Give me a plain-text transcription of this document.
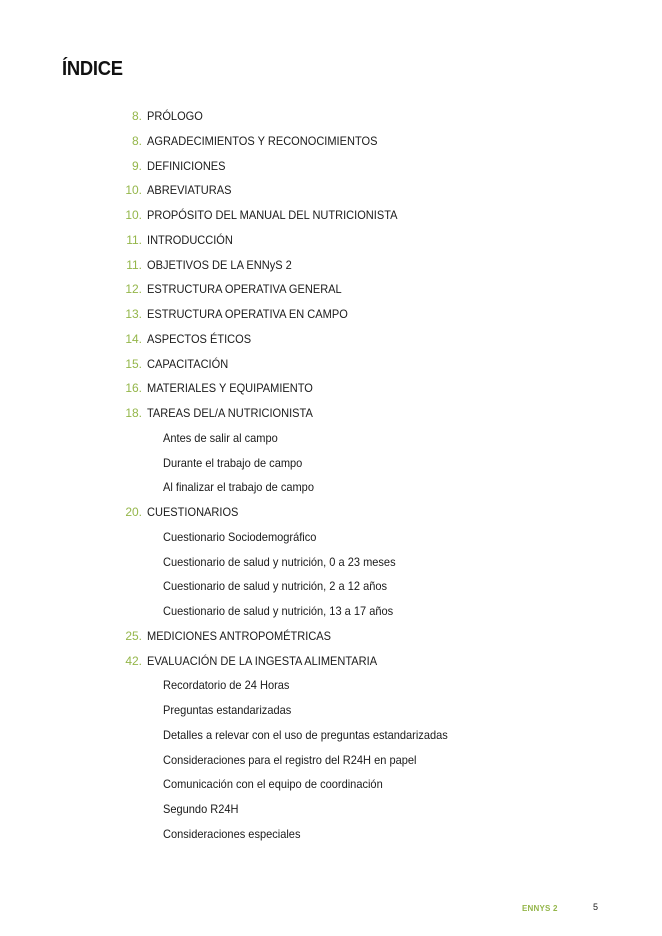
ÍNDICE
8. PRÓLOGO
8. AGRADECIMIENTOS Y RECONOCIMIENTOS
9. DEFINICIONES
10. ABREVIATURAS
10. PROPÓSITO DEL MANUAL DEL NUTRICIONISTA
11. INTRODUCCIÓN
11. OBJETIVOS DE LA ENNyS 2
12. ESTRUCTURA OPERATIVA GENERAL
13. ESTRUCTURA OPERATIVA EN CAMPO
14. ASPECTOS ÉTICOS
15. CAPACITACIÓN
16. MATERIALES Y EQUIPAMIENTO
18. TAREAS DEL/A NUTRICIONISTA
Antes de salir al campo
Durante el trabajo de campo
Al finalizar el trabajo de campo
20. CUESTIONARIOS
Cuestionario Sociodemográfico
Cuestionario de salud y nutrición, 0 a 23 meses
Cuestionario de salud y nutrición, 2 a 12 años
Cuestionario de salud y nutrición, 13 a 17 años
25. MEDICIONES ANTROPOMÉTRICAS
42. EVALUACIÓN DE LA INGESTA ALIMENTARIA
Recordatorio de 24 Horas
Preguntas estandarizadas
Detalles a relevar con el uso de preguntas estandarizadas
Consideraciones para el registro del R24H en papel
Comunicación con el equipo de coordinación
Segundo R24H
Consideraciones especiales
ENNYS 2	5
